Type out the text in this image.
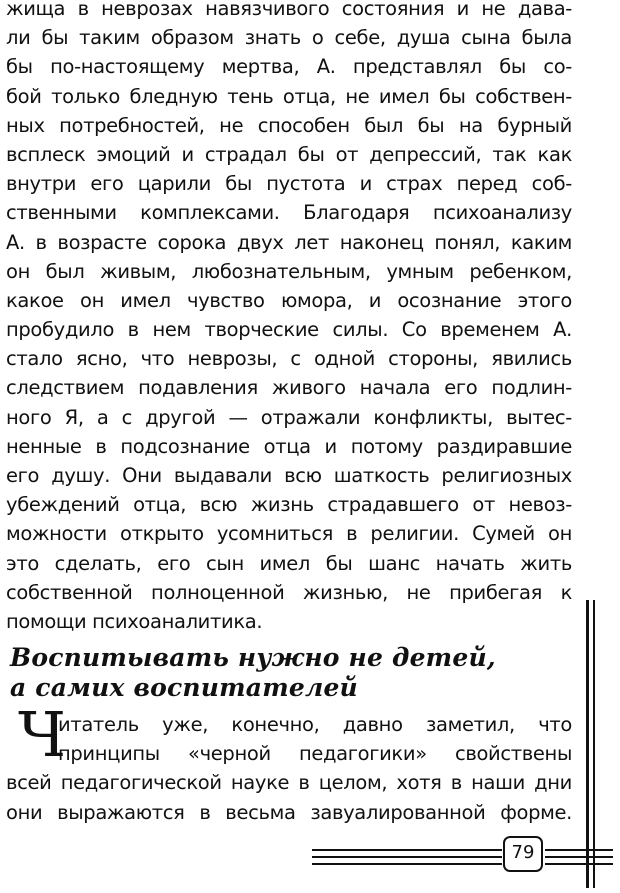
жища в неврозах навязчивого состояния и не дава-
ли бы таким образом знать о себе, душа сына была
бы по-настоящему мертва, А. представлял бы со-
бой только бледную тень отца, не имел бы собствен-
ных потребностей, не способен был бы на бурный
всплеск эмоций и страдал бы от депрессий, так как
внутри его царили бы пустота и страх перед соб-
ственными комплексами. Благодаря психоанализу
А. в возрасте сорока двух лет наконец понял, каким
он был живым, любознательным, умным ребенком,
какое он имел чувство юмора, и осознание этого
пробудило в нем творческие силы. Со временем А.
стало ясно, что неврозы, с одной стороны, явились
следствием подавления живого начала его подлин-
ного Я, а с другой — отражали конфликты, вытес-
ненные в подсознание отца и потому раздиравшие
его душу. Они выдавали всю шаткость религиозных
убеждений отца, всю жизнь страдавшего от невоз-
можности открыто усомниться в религии. Сумей он
это сделать, его сын имел бы шанс начать жить
собственной полноценной жизнью, не прибегая к
помощи психоаналитика.
Воспитывать нужно не детей,
а самих воспитателей
Ч
итатель уже, конечно, давно заметил, что
принципы «черной педагогики» свойствены
всей педагогической науке в целом, хотя в наши дни
они выражаются в весьма завуалированной форме.
79
